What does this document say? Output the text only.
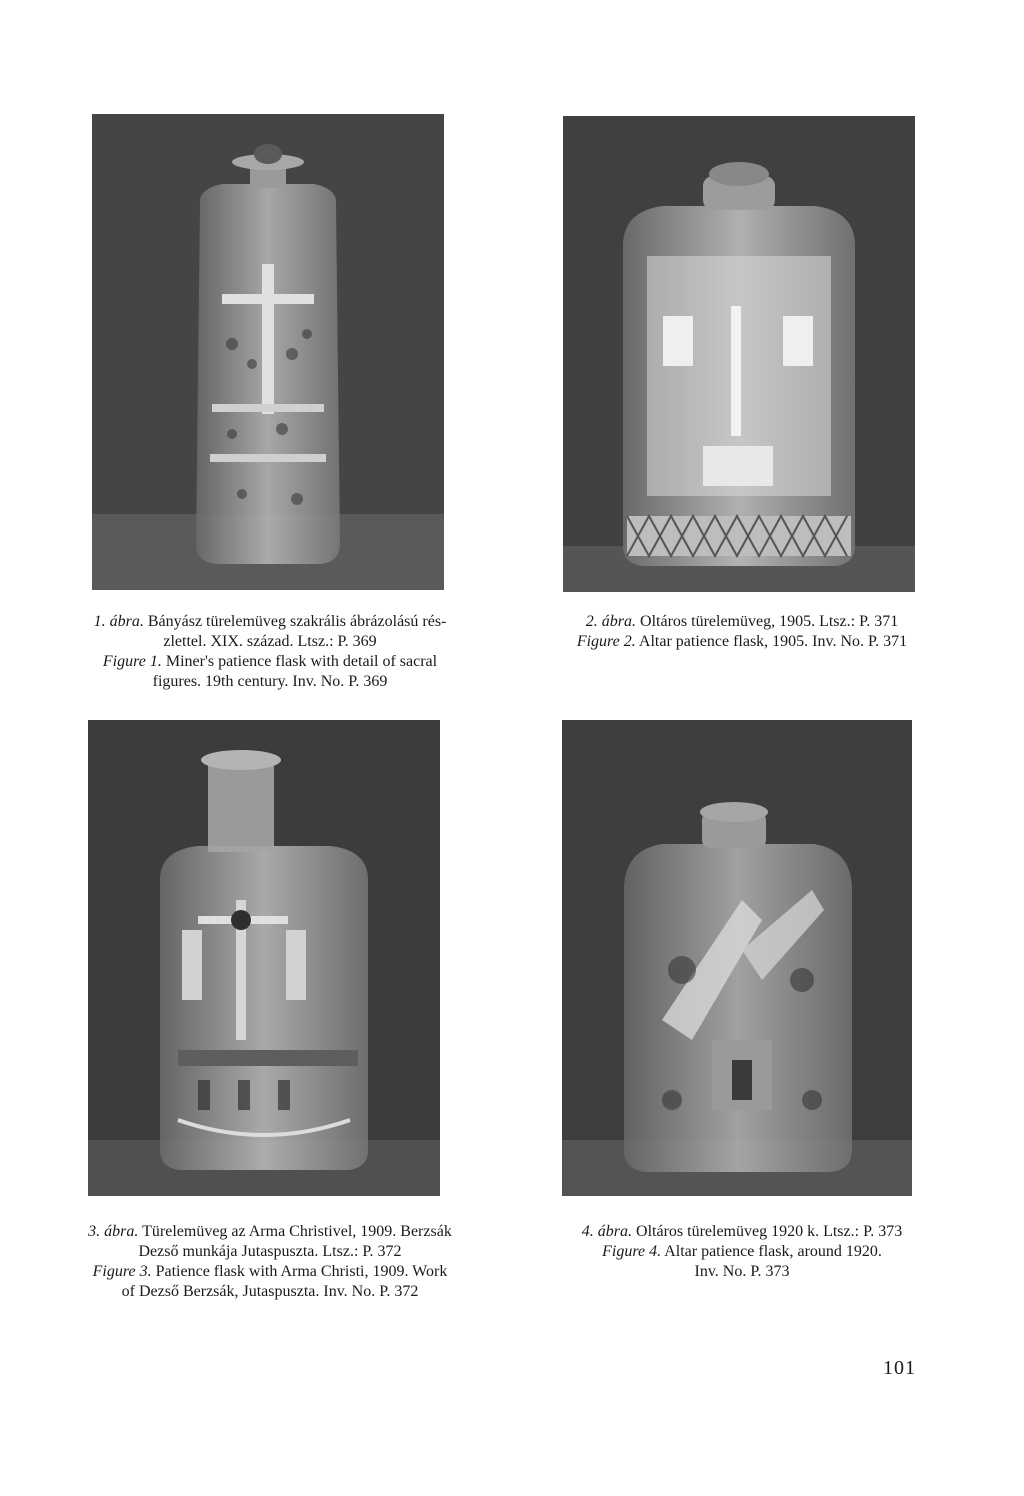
1. ábra. Bányász türelemüveg szakrális ábrázolású rés-
zlettel. XIX. század. Ltsz.: P. 369
Figure 1. Miner's patience flask with detail of sacral
figures. 19th century. Inv. No. P. 369
2. ábra. Oltáros türelemüveg, 1905. Ltsz.: P. 371
Figure 2. Altar patience flask, 1905. Inv. No. P. 371
3. ábra. Türelemüveg az Arma Christivel, 1909. Berzsák
Dezső munkája Jutaspuszta. Ltsz.: P. 372
Figure 3. Patience flask with Arma Christi, 1909. Work
of Dezső Berzsák, Jutaspuszta. Inv. No. P. 372
4. ábra. Oltáros türelemüveg 1920 k. Ltsz.: P. 373
Figure 4. Altar patience flask, around 1920.
Inv. No. P. 373
101
